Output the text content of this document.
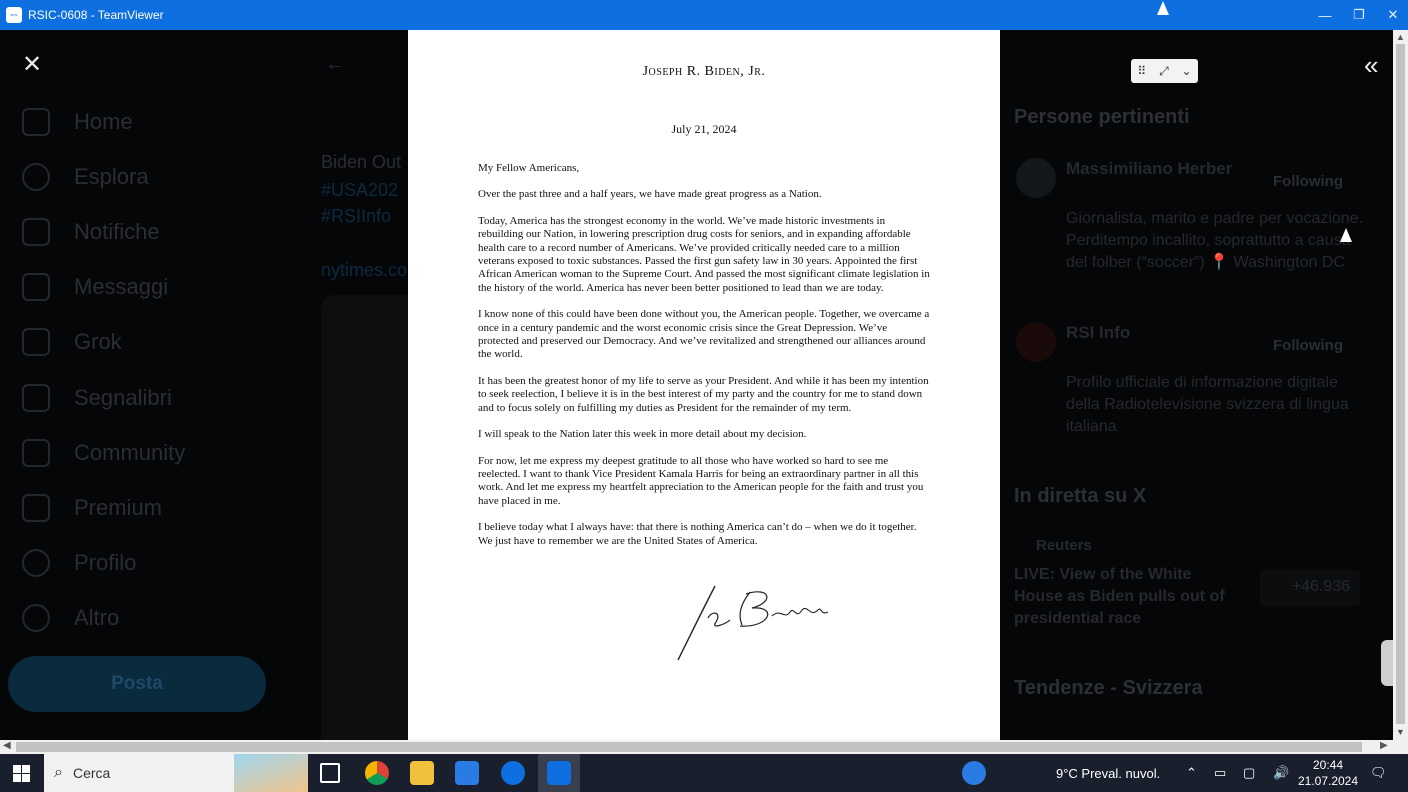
⇔ RSIC-0608 - TeamViewer	—	❐	✕
✕
Home
Esplora
Notifiche
Messaggi
Grok
Segnalibri
Community
Premium
Profilo
Altro
Posta
Biden Out
#USA202
#RSIInfo
nytimes.co
←	Joseph R. Biden, Jr.
July 21, 2024

My Fellow Americans,

Over the past three and a half years, we have made great progress as a Nation.

Today, America has the strongest economy in the world. We’ve made historic investments in rebuilding our Nation, in lowering prescription drug costs for seniors, and in expanding affordable health care to a record number of Americans. We’ve provided critically needed care to a million veterans exposed to toxic substances. Passed the first gun safety law in 30 years. Appointed the first African American woman to the Supreme Court. And passed the most significant climate legislation in the history of the world. America has never been better positioned to lead than we are today.

I know none of this could have been done without you, the American people. Together, we overcame a once in a century pandemic and the worst economic crisis since the Great Depression. We’ve protected and preserved our Democracy. And we’ve revitalized and strengthened our alliances around the world.

It has been the greatest honor of my life to serve as your President. And while it has been my intention to seek reelection, I believe it is in the best interest of my party and the country for me to stand down and to focus solely on fulfilling my duties as President for the remainder of my term.

I will speak to the Nation later this week in more detail about my decision.

For now, let me express my deepest gratitude to all those who have worked so hard to see me reelected. I want to thank Vice President Kamala Harris for being an extraordinary partner in all this work. And let me express my heartfelt appreciation to the American people for the faith and trust you have placed in me.

I believe today what I always have: that there is nothing America can’t do – when we do it together. We just have to remember we are the United States of America.

Persone pertinenti
Massimiliano Herber
Giornalista, marito e padre per vocazione. Perditempo incallito, soprattutto a causa del folber (“soccer”) 📍 Washington DC
RSI Info
Profilo ufficiale di informazione digitale della Radiotelevisione svizzera di lingua italiana
In diretta su X
Reuters
LIVE: View of the White House as Biden pulls out of presidential race
+46.936
Tendenze - Svizzera
Following
Following
⠿ ⤢ ⌄	«
▲
▼
◀	▶
⌕ Cerca	9°C Preval. nuvol. ⌃ ▭ ▢ 🔊 20:44
21.07.2024
🗨
